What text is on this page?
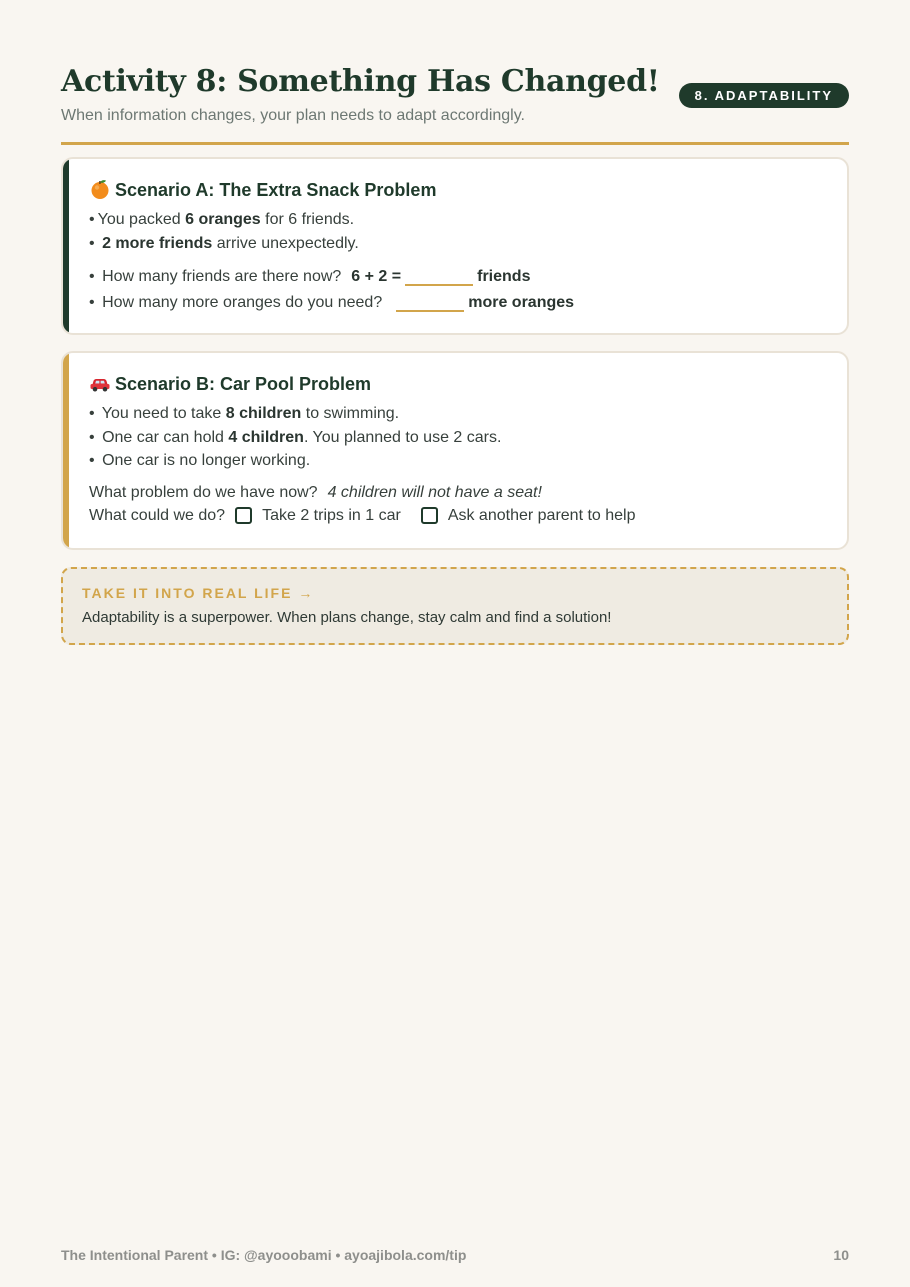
Activity 8: Something Has Changed!
When information changes, your plan needs to adapt accordingly.
8. ADAPTABILITY
Scenario A: The Extra Snack Problem
• You packed 6 oranges for 6 friends.
• 2 more friends arrive unexpectedly.
• How many friends are there now? 6 + 2 =	friends
• How many more oranges do you need?	more oranges
Scenario B: Car Pool Problem
• You need to take 8 children to swimming.
• One car can hold 4 children. You planned to use 2 cars.
• One car is no longer working.
What problem do we have now? 4 children will not have a seat!
What could we do? Take 2 trips in 1 car	Ask another parent to help
TAKE IT INTO REAL LIFE →
Adaptability is a superpower. When plans change, stay calm and find a solution!
The Intentional Parent • IG: @ayooobami • ayoajibola.com/tip	10
